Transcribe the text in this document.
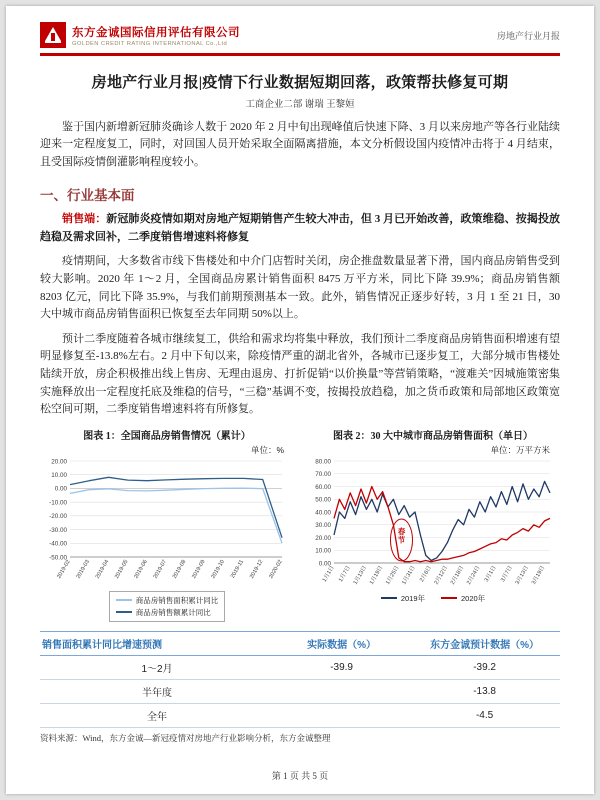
东方金诚国际信用评估有限公司
GOLDEN CREDIT RATING INTERNATIONAL Co.,Ltd
房地产行业月报
房地产行业月报|疫情下行业数据短期回落，政策帮扶修复可期
工商企业二部 谢瑞 王黎姮

鉴于国内新增新冠肺炎确诊人数于 2020 年 2 月中旬出现峰值后快速下降、3 月以来房地产等各行业陆续迎来一定程度复工，同时，对回国人员开始采取全面隔离措施，本文分析假设国内疫情冲击将于 4 月结束，且受国际疫情倒灌影响程度较小。

一、行业基本面

销售端：新冠肺炎疫情如期对房地产短期销售产生较大冲击，但 3 月已开始改善，政策维稳、按揭投放趋稳及需求回补，二季度销售增速料将修复

疫情期间，大多数省市线下售楼处和中介门店暂时关闭，房企推盘数量显著下滑，国内商品房销售受到较大影响。2020 年 1～2 月，全国商品房累计销售面积 8475 万平方米，同比下降 39.9%；商品房销售额 8203 亿元，同比下降 35.9%，与我们前期预测基本一致。此外，销售情况正逐步好转，3 月 1 至 21 日，30 大中城市商品房销售面积已恢复至去年同期 50%以上。

预计二季度随着各城市继续复工，供给和需求均将集中释放，我们预计二季度商品房销售面积增速有望明显修复至-13.8%左右。2 月中下旬以来，除疫情严重的湖北省外，各城市已逐步复工，大部分城市售楼处陆续开放，房企积极推出线上售房、无理由退房、打折促销“以价换量”等营销策略，“渡难关”因城施策密集实施释放出一定程度托底及维稳的信号，“三稳”基调不变，按揭投放趋稳，加之货币政策和局部地区政策宽松空间可期，二季度销售增速料将有所修复。

图表 1：全国商品房销售情况（累计）
单位：%
-50.00
-40.00
-30.00
-20.00
-10.00
0.00
10.00
20.00
2019-02 2019-03 2019-04 2019-05 2019-06 2019-07 2019-08 2019-09 2019-10 2019-11 2019-12 2020-02
商品房销售面积累计同比
商品房销售额累计同比
图表 2：30 大中城市商品房销售面积（单日）
单位：万平方米
0.00
10.00
20.00
30.00
40.00
50.00
60.00
70.00
80.00
1月1日 1月7日 1月13日 1月19日 1月25日 1月31日 2月6日 2月12日 2月18日 2月24日 3月1日 3月7日 3月13日 3月19日
春节
2019年	2020年
销售面积累计同比增速预测	实际数据（%）	东方金诚预计数据（%）
1～2月	-39.9	-39.2
半年度		-13.8
全年		-4.5
资料来源：Wind，东方金诚—新冠疫情对房地产行业影响分析，东方金诚整理
第 1 页 共 5 页
